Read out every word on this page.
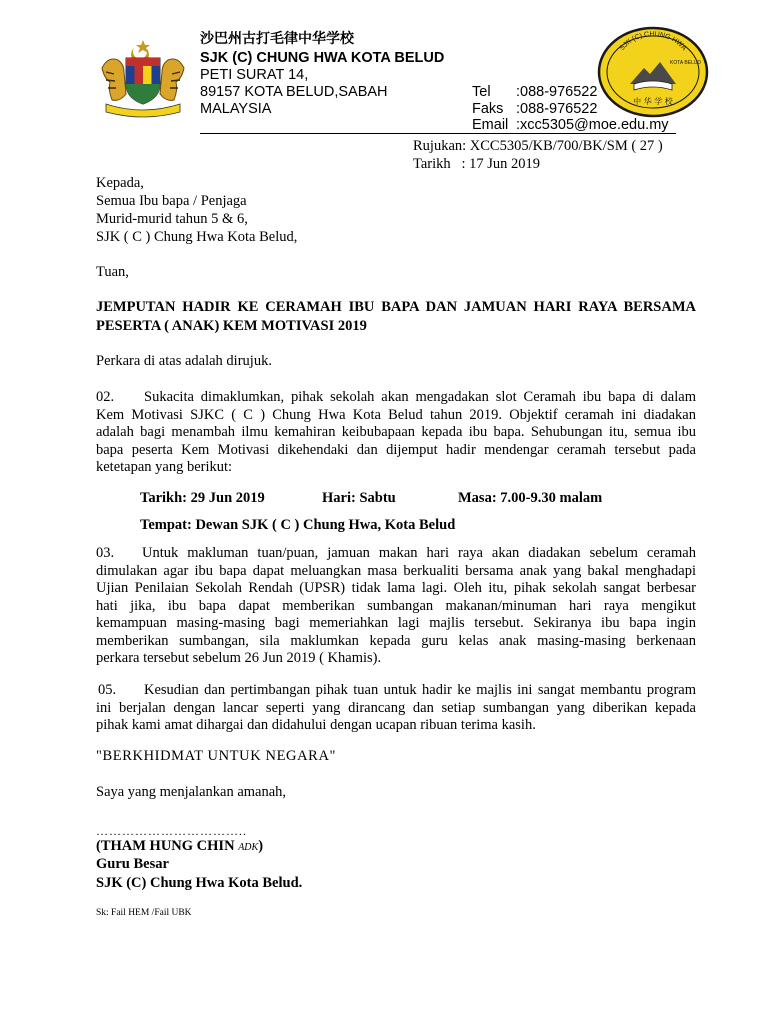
沙巴州古打毛律中华学校
SJK (C) CHUNG HWA KOTA BELUD
PETI SURAT 14,
89157 KOTA BELUD,SABAH
MALAYSIA
Tel :088-976522
Faks :088-976522
Email :xcc5305@moe.edu.my
SJK (C) CHUNG HWA
KOTA BELUD
中 华 学 校
Rujukan: XCC5305/KB/700/BK/SM ( 27 )
Tarikh   : 17 Jun 2019
Kepada,
Semua Ibu bapa / Penjaga
Murid-murid tahun 5 & 6,
SJK ( C ) Chung Hwa Kota Belud,
Tuan,
JEMPUTAN HADIR KE CERAMAH IBU BAPA DAN JAMUAN HARI RAYA BERSAMA
PESERTA ( ANAK) KEM MOTIVASI 2019
Perkara di atas adalah dirujuk.
02. Sukacita dimaklumkan, pihak sekolah akan mengadakan slot Ceramah ibu bapa di dalam
Kem Motivasi SJKC ( C ) Chung Hwa Kota Belud tahun 2019. Objektif ceramah ini diadakan
adalah bagi menambah ilmu kemahiran keibubapaan kepada ibu bapa. Sehubungan itu, semua ibu
bapa peserta Kem Motivasi dikehendaki dan dijemput hadir mendengar ceramah tersebut pada
ketetapan yang berikut:
Tarikh: 29 Jun 2019	Hari: Sabtu	Masa: 7.00-9.30 malam
Tempat: Dewan SJK ( C ) Chung Hwa, Kota Belud
03. Untuk makluman tuan/puan, jamuan makan hari raya akan diadakan sebelum ceramah
dimulakan agar ibu bapa dapat meluangkan masa berkualiti bersama anak yang bakal menghadapi
Ujian Penilaian Sekolah Rendah (UPSR) tidak lama lagi. Oleh itu, pihak sekolah sangat berbesar
hati jika, ibu bapa dapat memberikan sumbangan makanan/minuman hari raya mengikut
kemampuan masing-masing bagi memeriahkan lagi majlis tersebut. Sekiranya ibu bapa ingin
memberikan sumbangan, sila maklumkan kepada guru kelas anak masing-masing berkenaan
perkara tersebut sebelum 26 Jun 2019 ( Khamis).
05. Kesudian dan pertimbangan pihak tuan untuk hadir ke majlis ini sangat membantu program
ini berjalan dengan lancar seperti yang dirancang dan setiap sumbangan yang diberikan kepada
pihak kami amat dihargai dan didahului dengan ucapan ribuan terima kasih.
"BERKHIDMAT UNTUK NEGARA"
Saya yang menjalankan amanah,
……………………………..
(THAM HUNG CHIN ADK)
Guru Besar
SJK (C) Chung Hwa Kota Belud.
Sk: Fail HEM /Fail UBK
